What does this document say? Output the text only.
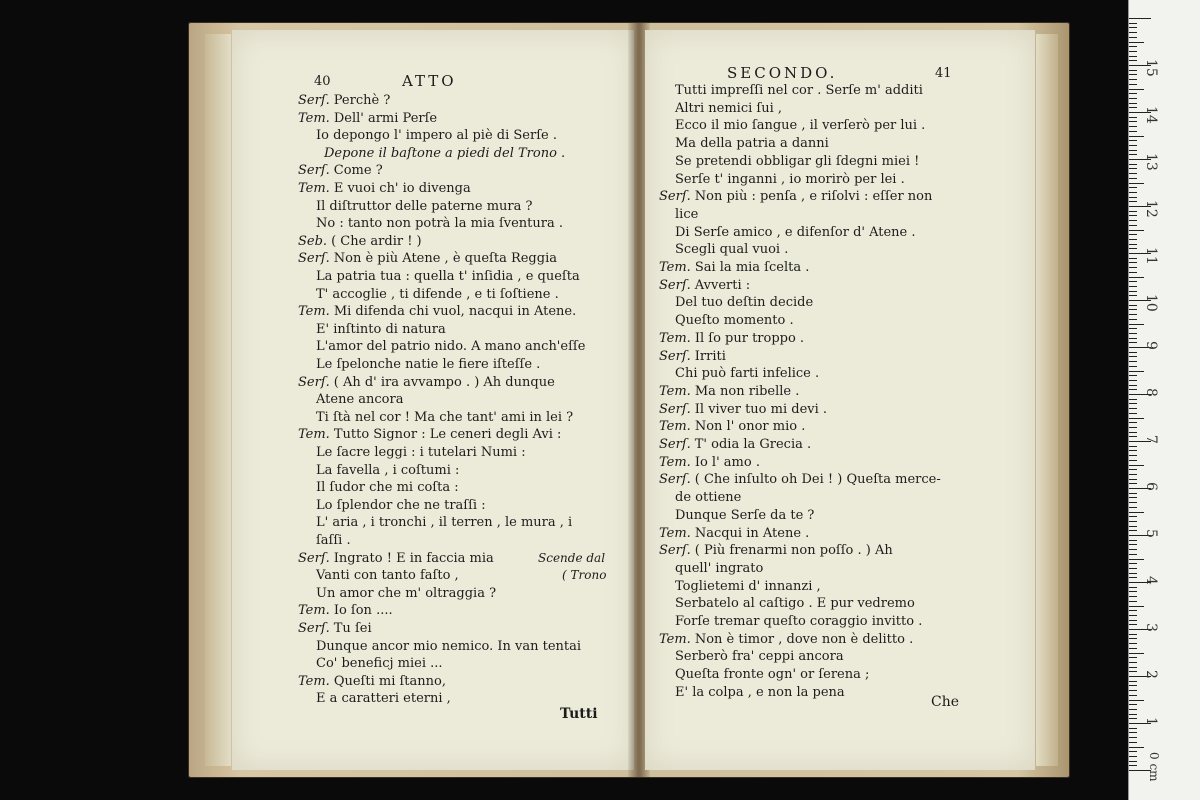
40	ATTO
Serſ. Perchè ?
Tem. Dell' armi Perſe
Io depongo l' impero al piè di Serſe .
Depone il baſtone a piedi del Trono .
Serſ. Come ?
Tem. E vuoi ch' io divenga
Il diſtruttor delle paterne mura ?
No : tanto non potrà la mia ſventura .
Seb. ( Che ardir ! )
Serſ. Non è più Atene , è queſta Reggia
La patria tua : quella t' inſidia , e queſta
T' accoglie , ti difende , e ti ſoſtiene .
Tem. Mi difenda chi vuol, nacqui in Atene.
E' inſtinto di natura
L'amor del patrio nido. A mano anch'eſſe
Le ſpelonche natie le fiere iſteſſe .
Serſ. ( Ah d' ira avvampo . ) Ah dunque
Atene ancora
Ti ſtà nel cor ! Ma che tant' ami in lei ?
Tem. Tutto Signor : Le ceneri degli Avi :
Le ſacre leggi : i tutelari Numi :
La favella , i coſtumi :
Il ſudor che mi coſta :
Lo ſplendor che ne traſſi :
L' aria , i tronchi , il terren , le mura , i
ſaſſi .
Serſ. Ingrato ! E in faccia mia
Vanti con tanto faſto ,
Un amor che m' oltraggia ?
Tem. Io ſon ....
Serſ. Tu ſei
Dunque ancor mio nemico. In van tentai
Co' beneficj miei ...
Tem. Queſti mi ſtanno,
E a caratteri eterni ,
Scende dal
( Trono
Tutti
SECONDO.	41
Tutti impreſſi nel cor . Serſe m' additi
Altri nemici ſui ,
Ecco il mio ſangue , il verſerò per lui .
Ma della patria a danni
Se pretendi obbligar gli ſdegni miei !
Serſe t' inganni , io morirò per lei .
Serſ. Non più : penſa , e riſolvi : eſſer non
lice
Di Serſe amico , e difenſor d' Atene .
Scegli qual vuoi .
Tem. Sai la mia ſcelta .
Serſ. Avverti :
Del tuo deſtin decide
Queſto momento .
Tem. Il ſo pur troppo .
Serſ. Irriti
Chi può farti infelice .
Tem. Ma non ribelle .
Serſ. Il viver tuo mi devi .
Tem. Non l' onor mio .
Serſ. T' odia la Grecia .
Tem. Io l' amo .
Serſ. ( Che inſulto oh Dei ! ) Queſta merce-
de ottiene
Dunque Serſe da te ?
Tem. Nacqui in Atene .
Serſ. ( Più frenarmi non poſſo . ) Ah
quell' ingrato
Toglietemi d' innanzi ,
Serbatelo al caſtigo . E pur vedremo
Forſe tremar queſto coraggio invitto .
Tem. Non è timor , dove non è delitto .
Serberò fra' ceppi ancora
Queſta fronte ogn' or ſerena ;
E' la colpa , e non la pena
Che
1
2
3
4
5
6
7
8
9
10
11
12
13
14
15
0 cm
